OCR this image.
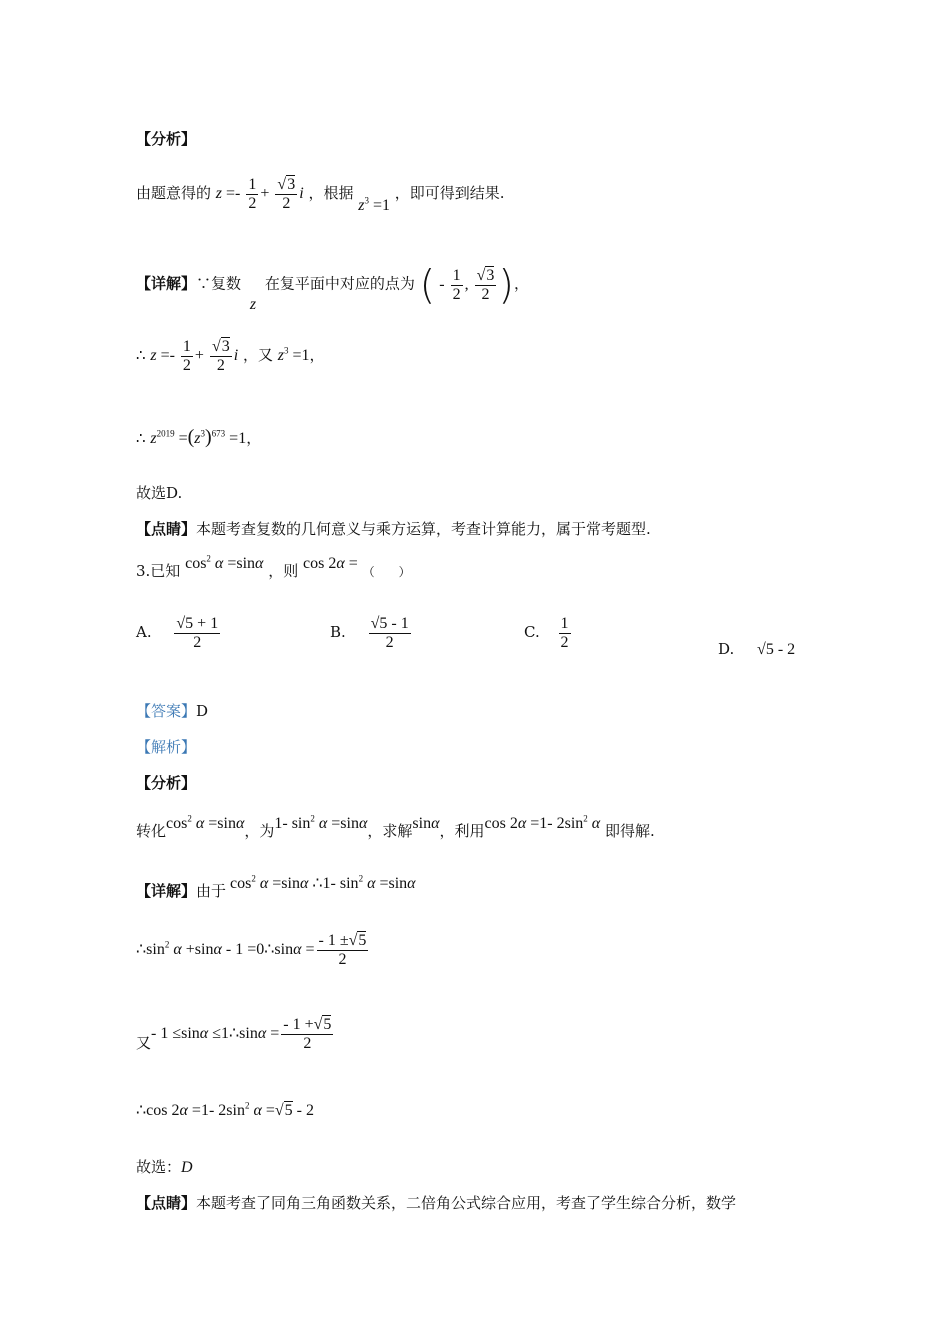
【分析】
由题意得的 $z =- \frac{1}{2} + \frac{√3}{2}$ i ，根据 $z^3 =1$ ，即可得到结果.
【详解】∵复数 z 在复平面中对应的点为 ( - $\frac{1}{2}$ , $\frac{√3}{2}$ )，
∴ $z =- \frac{1}{2} + \frac{√3}{2}$ i ，又 $z^3 =1$，
∴ $z^{2019} =(z^3)^{673} =1$，
故选D.
【点睛】本题考查复数的几何意义与乘方运算，考查计算能力，属于常考题型.
3.已知 $\cos^2 \alpha =\sin\alpha$ ，则 cos 2α = （　　）
A. $\frac{√5 + 1}{2}$	B. $\frac{√5 - 1}{2}$	C. $\frac{1}{2}$	D. √5 - 2
【答案】D
【解析】
【分析】
转化$\cos^2 \alpha =\sin\alpha$，为1- $\sin^2 \alpha =\sin\alpha$，求解sinα，利用cos 2α =1- $2\sin^2$ α 即得解.
【详解】由于 $\cos^2 \alpha =\sin\alpha$ ∴1- $\sin^2 \alpha =\sin\alpha$
$\therefore\sin^2$ α +sinα - 1 =0∴sinα = $\frac{- 1 \pm√5}{2}$
又- 1 ≤sinα ≤1∴sinα = $\frac{- 1 +√5}{2}$
∴cos 2α =1- $2\sin^2$ α =√5 - 2
故选：D
【点睛】本题考查了同角三角函数关系，二倍角公式综合应用，考查了学生综合分析，数学
